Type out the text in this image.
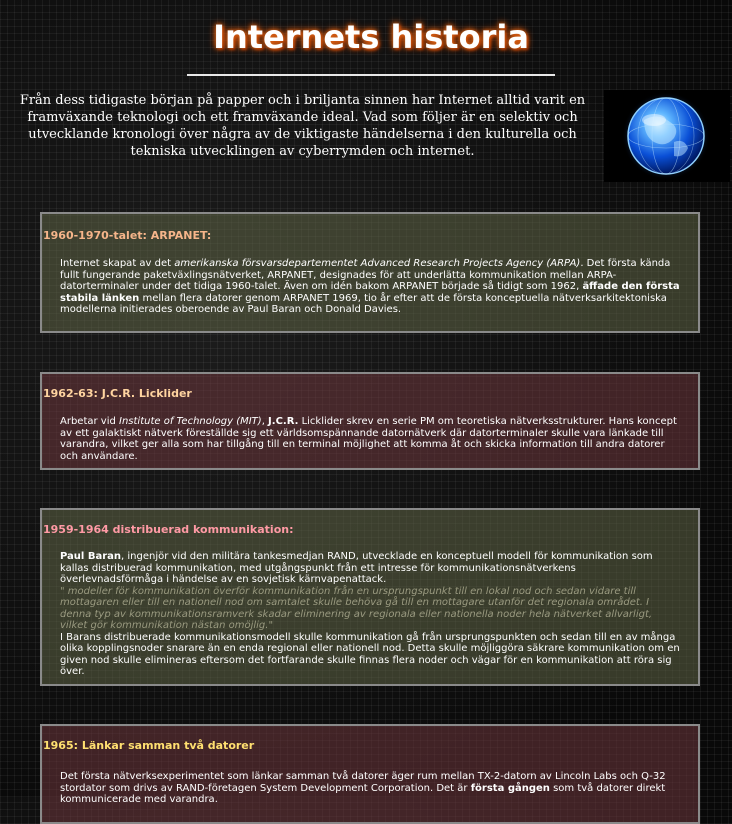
Internets historia

Från dess tidigaste början på papper och i briljanta sinnen har Internet alltid varit en framväxande teknologi och ett framväxande ideal. Vad som följer är en selektiv och utvecklande kronologi över några av de viktigaste händelserna i den kulturella och tekniska utvecklingen av cyberrymden och internet.

1960-1970-talet: ARPANET:

Internet skapat av det amerikanska försvarsdepartementet Advanced Research Projects Agency (ARPA). Det första kända fullt fungerande paketväxlingsnätverket, ARPANET, designades för att underlätta kommunikation mellan ARPA-datorterminaler under det tidiga 1960-talet. Även om idén bakom ARPANET började så tidigt som 1962, äffade den första stabila länken mellan flera datorer genom ARPANET 1969, tio år efter att de första konceptuella nätverksarkitektoniska modellerna initierades oberoende av Paul Baran och Donald Davies.

1962-63: J.C.R. Licklider

Arbetar vid Institute of Technology (MIT), J.C.R. Licklider skrev en serie PM om teoretiska nätverksstrukturer. Hans koncept av ett galaktiskt nätverk föreställde sig ett världsomspännande datornätverk där datorterminaler skulle vara länkade till varandra, vilket ger alla som har tillgång till en terminal möjlighet att komma åt och skicka information till andra datorer och användare.

1959-1964 distribuerad kommunikation:

Paul Baran, ingenjör vid den militära tankesmedjan RAND, utvecklade en konceptuell modell för kommunikation som kallas distribuerad kommunikation, med utgångspunkt från ett intresse för kommunikationsnätverkens överlevnadsförmåga i händelse av en sovjetisk kärnvapenattack.

" modeller för kommunikation överför kommunikation från en ursprungspunkt till en lokal nod och sedan vidare till mottagaren eller till en nationell nod om samtalet skulle behöva gå till en mottagare utanför det regionala området. I denna typ av kommunikationsramverk skadar eliminering av regionala eller nationella noder hela nätverket allvarligt, vilket gör kommunikation nästan omöjlig."

I Barans distribuerade kommunikationsmodell skulle kommunikation gå från ursprungspunkten och sedan till en av många olika kopplingsnoder snarare än en enda regional eller nationell nod. Detta skulle möjliggöra säkrare kommunikation om en given nod skulle elimineras eftersom det fortfarande skulle finnas flera noder och vägar för en kommunikation att röra sig över.

1965: Länkar samman två datorer

Det första nätverksexperimentet som länkar samman två datorer äger rum mellan TX-2-datorn av Lincoln Labs och Q-32 stordator som drivs av RAND-företagen System Development Corporation. Det är första gången som två datorer direkt kommunicerade med varandra.
